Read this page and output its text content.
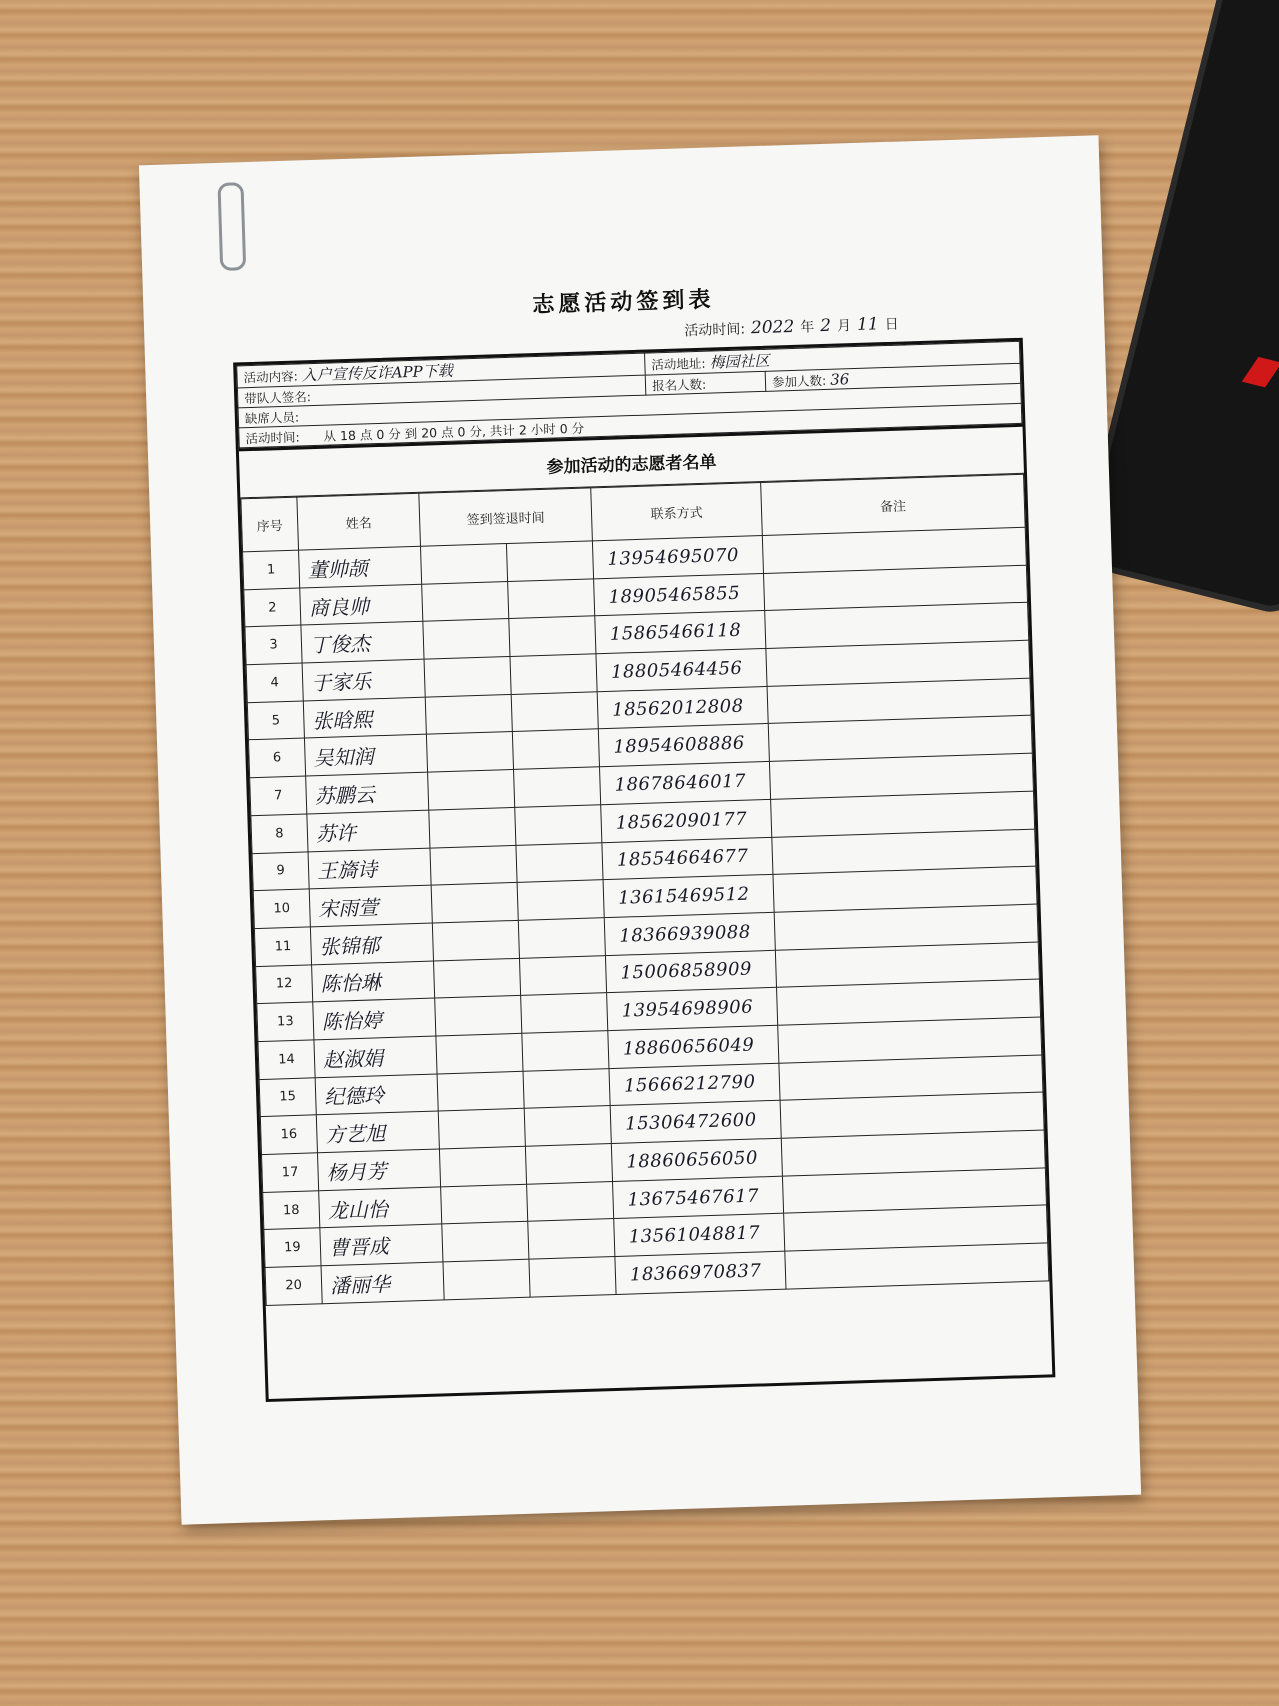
志愿活动签到表
活动时间: 2022 年 2 月 11 日
活动内容: 入户宣传反诈APP下载	活动地址: 梅园社区	
带队人签名:	报名人数:	参加人数: 36
缺席人员:		
活动时间: 从 18 点 0 分 到 20 点 0 分, 共计 2 小时 0 分		
参加活动的志愿者名单
序号	姓名	签到签退时间		联系方式	备注
1	董帅颉			13954695070	
2	商良帅			18905465855	
3	丁俊杰			15865466118	
4	于家乐			18805464456	
5	张晗熙			18562012808	
6	吴知润			18954608886	
7	苏鹏云			18678646017	
8	苏许			18562090177	
9	王旖诗			18554664677	
10	宋雨萱			13615469512	
11	张锦郁			18366939088	
12	陈怡琳			15006858909	
13	陈怡婷			13954698906	
14	赵淑娟			18860656049	
15	纪德玲			15666212790	
16	方艺旭			15306472600	
17	杨月芳			18860656050	
18	龙山怡			13675467617	
19	曹晋成			13561048817	
20	潘丽华			18366970837	
